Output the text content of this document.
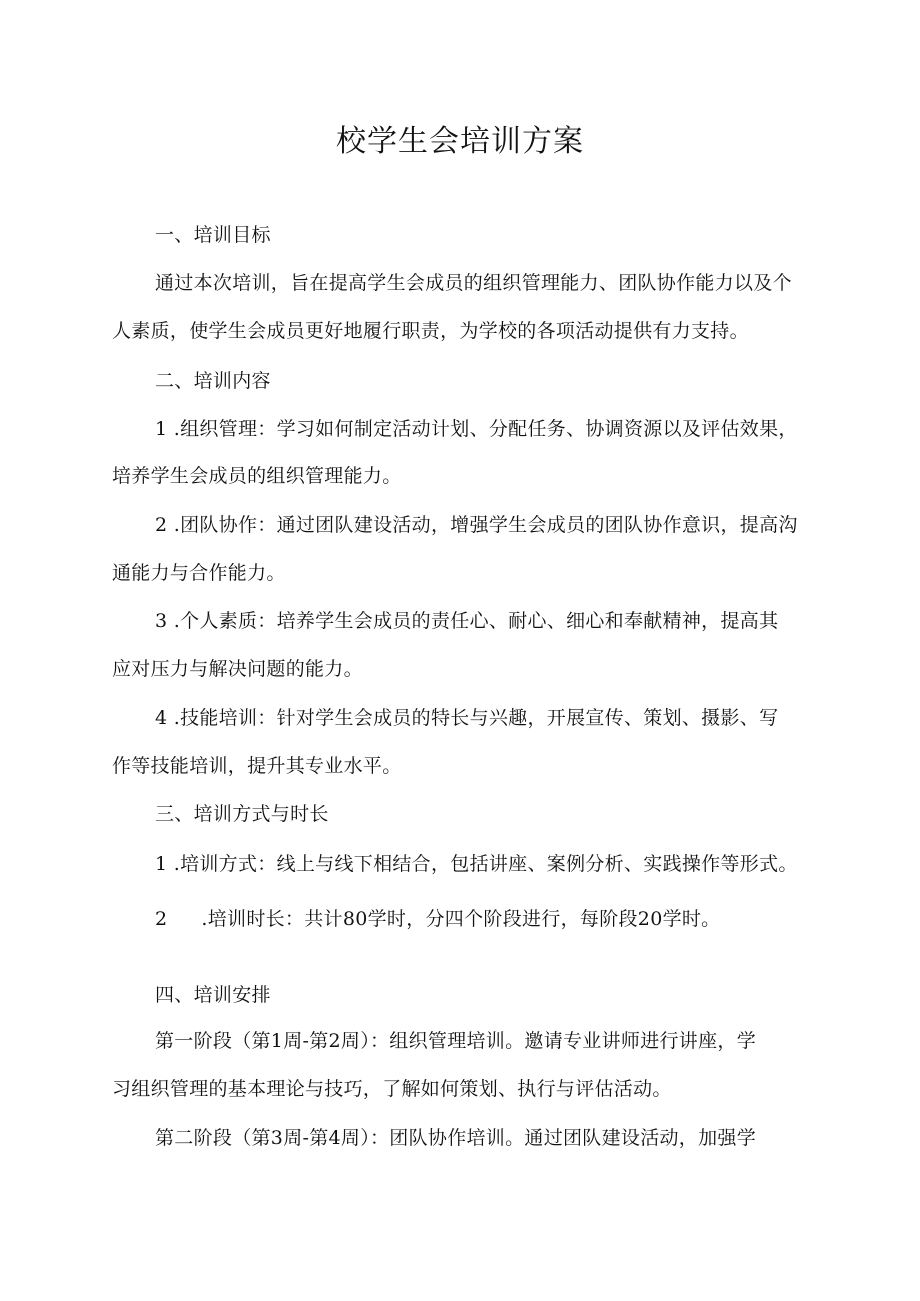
校学生会培训方案
一、培训目标
通过本次培训，旨在提高学生会成员的组织管理能力、团队协作能力以及个
人素质，使学生会成员更好地履行职责，为学校的各项活动提供有力支持。
二、培训内容
1 .组织管理：学习如何制定活动计划、分配任务、协调资源以及评估效果，
培养学生会成员的组织管理能力。
2 .团队协作：通过团队建设活动，增强学生会成员的团队协作意识，提高沟
通能力与合作能力。
3 .个人素质：培养学生会成员的责任心、耐心、细心和奉献精神，提高其
应对压力与解决问题的能力。
4 .技能培训：针对学生会成员的特长与兴趣，开展宣传、策划、摄影、写
作等技能培训，提升其专业水平。
三、培训方式与时长
1 .培训方式：线上与线下相结合，包括讲座、案例分析、实践操作等形式。
2 .培训时长：共计80学时，分四个阶段进行，每阶段20学时。
四、培训安排
第一阶段（第1周-第2周）：组织管理培训。邀请专业讲师进行讲座，学
习组织管理的基本理论与技巧，了解如何策划、执行与评估活动。
第二阶段（第3周-第4周）：团队协作培训。通过团队建设活动，加强学
